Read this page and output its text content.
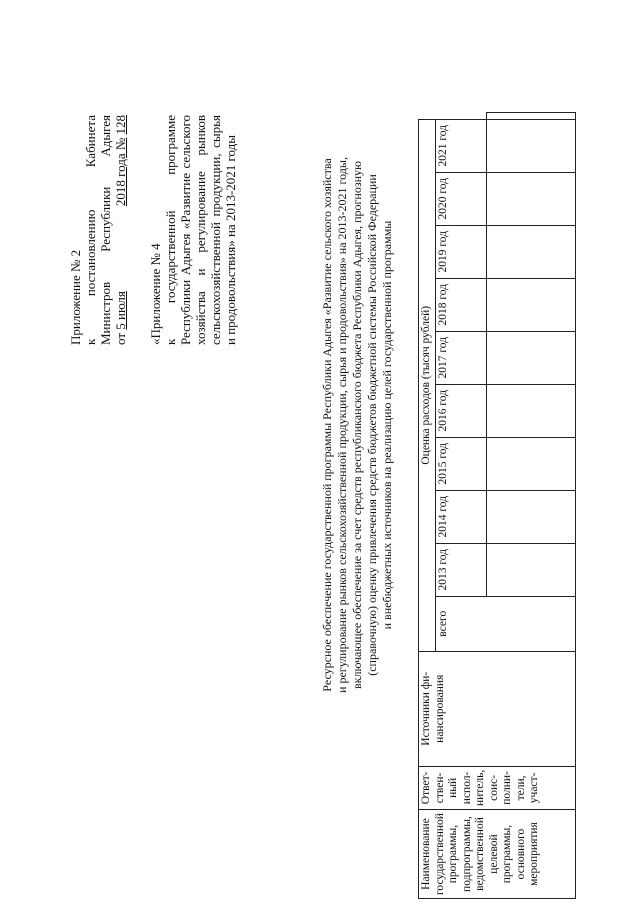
Приложение № 2 к
постановлению
Кабинета
Министров
Республики
Адыгея
от 5 июля
2018 года № 128
«Приложение № 4 к
государственной
программе Республики Адыгея «Развитие сельского хозяйства и регулирование рынков сельскохозяйственной продукции, сырья и продовольствия» на 2013-2021 годы	Ресурсное обеспечение государственной программы Республики Адыгея «Развитие сельского хозяйства и регулирование рынков сельскохозяйственной продукции, сырья и продовольствия» на 2013-2021 годы, включающее обеспечение за счет средств республиканского бюджета Республики Адыгея, прогнозную (справочную) оценку привлечения средств бюджетов бюджетной системы Российской Федерации и внебюджетных источников на реализацию целей государственной программы
Наименование государственной программы, подпрограммы, ведомственной целевой программы, основного мероприятия	Ответ-ствен-ный испол-нитель, соис-полни-тели, участ-	Источники фи-нансирования	Оценка расходов (тысяч рублей)										
			всего	2013 год	2014 год	2015 год	2016 год	2017 год	2018 год	2019 год	2020 год	2021 год	
